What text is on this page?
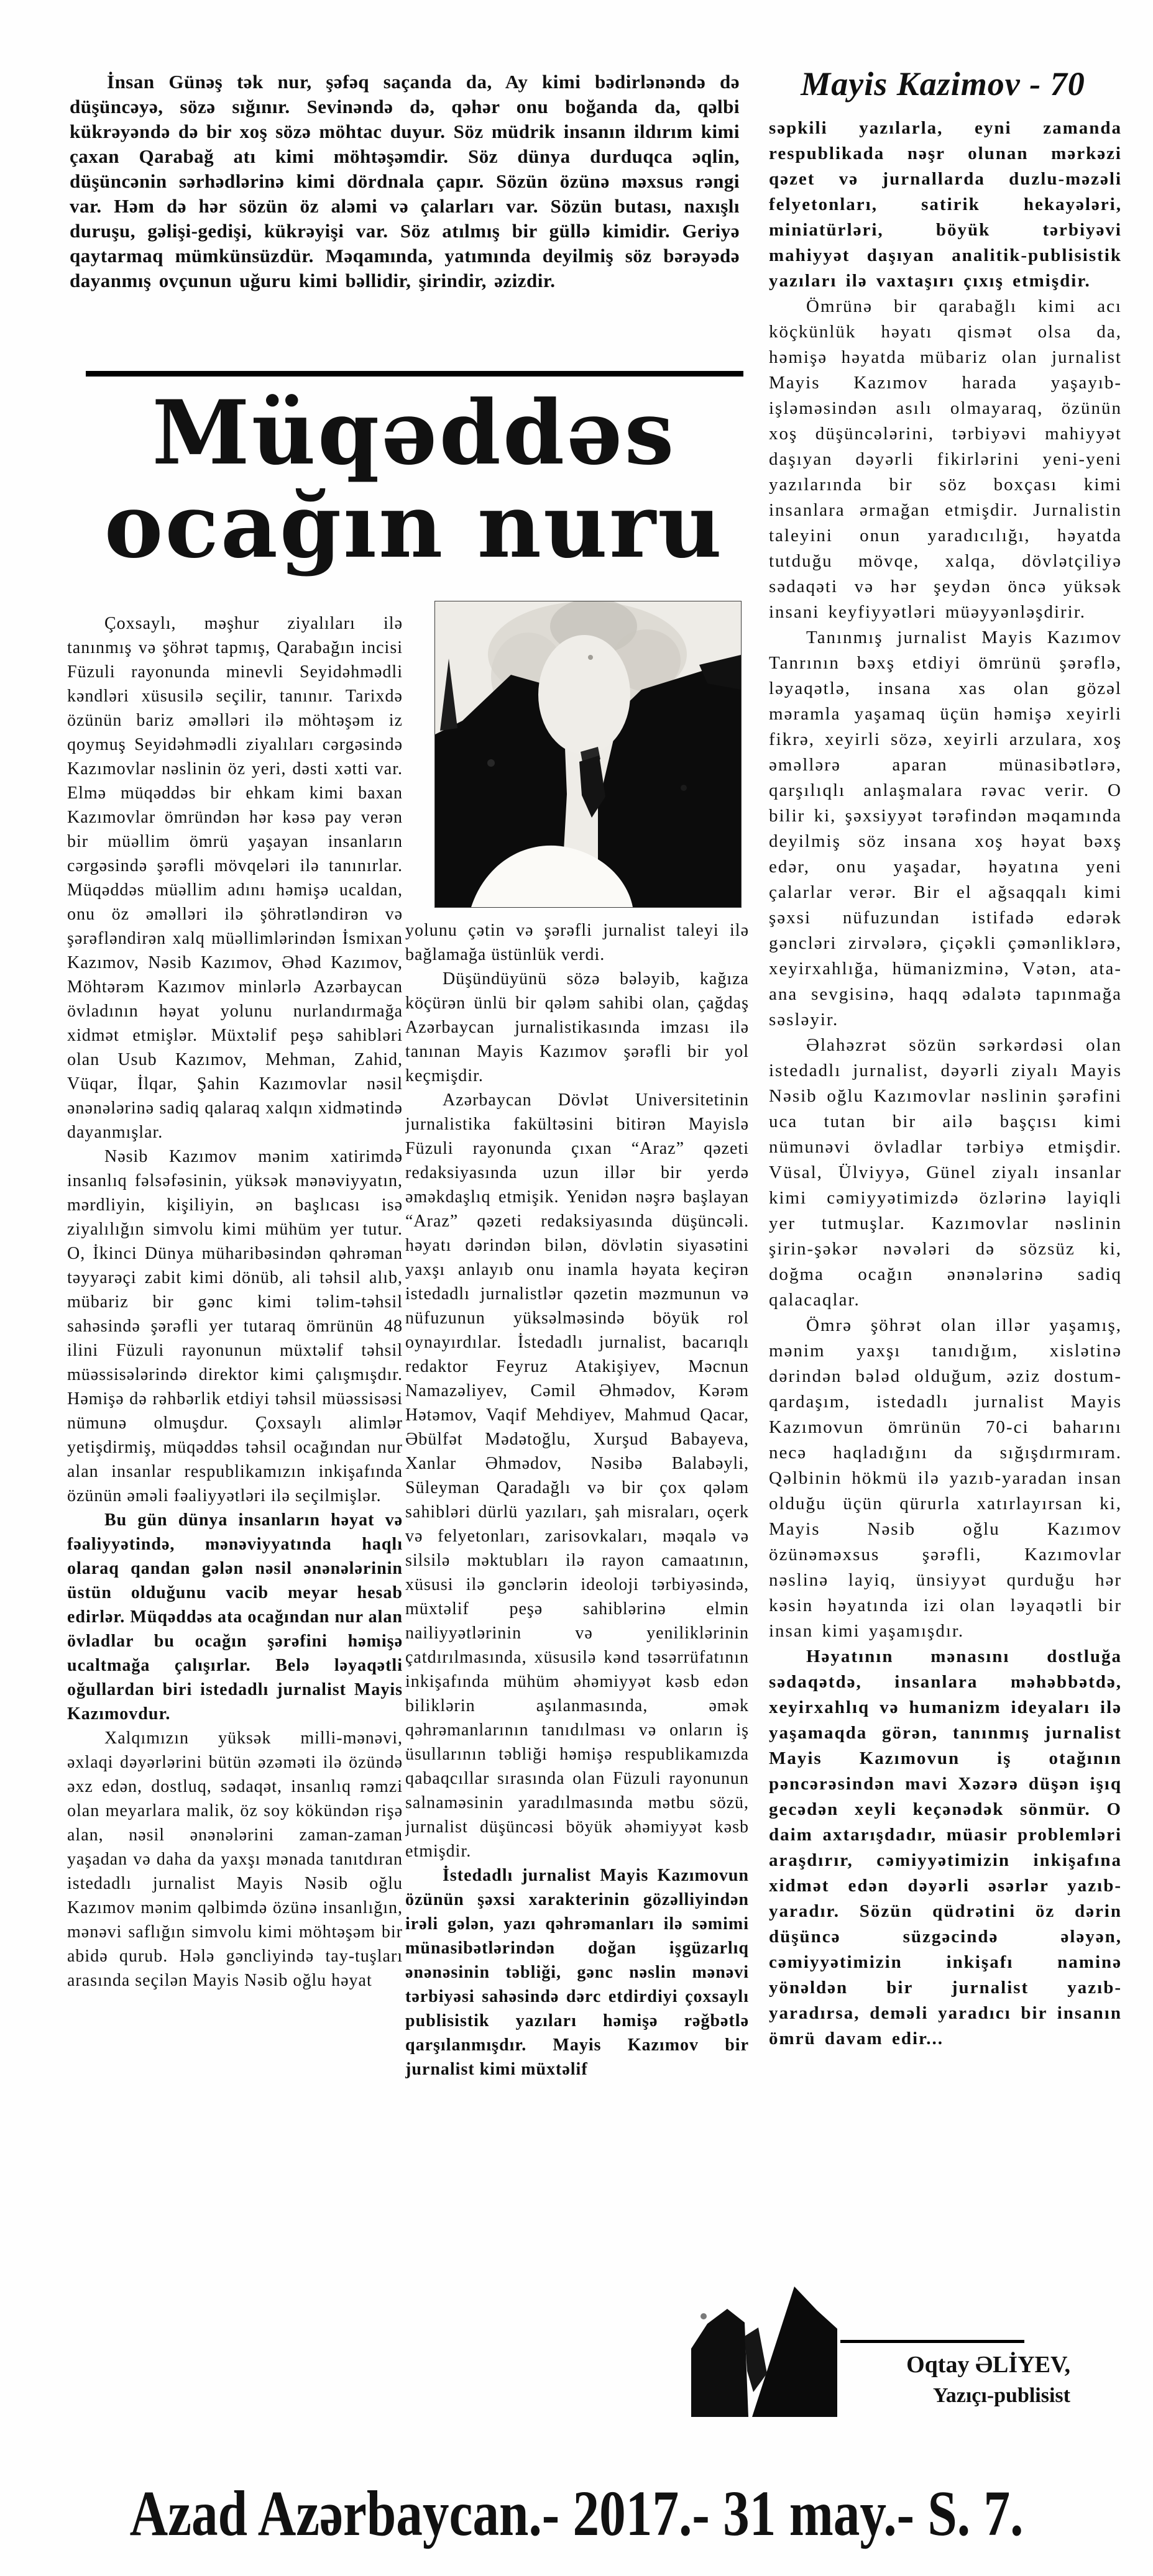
İnsan Günəş tək nur, şəfəq saçanda da, Ay kimi bədirlənəndə də düşüncəyə, sözə sığınır. Sevinəndə də, qəhər onu boğanda da, qəlbi kükrəyəndə də bir xoş sözə möhtac duyur. Söz müdrik insanın ildırım kimi çaxan Qarabağ atı kimi möhtəşəmdir. Söz dünya durduqca əqlin, düşüncənin sərhədlərinə kimi dördnala çapır. Sözün özünə məxsus rəngi var. Həm də hər sözün öz aləmi və çalarları var. Sözün butası, naxışlı duruşu, gəlişi-gedişi, kükrəyişi var. Söz atılmış bir güllə kimidir. Geriyə qaytarmaq mümkünsüzdür. Məqamında, yatımında deyilmiş söz bərəyədə dayanmış ovçunun uğuru kimi bəllidir, şirindir, əzizdir.
Mayis Kazimov - 70
Müqəddəs
ocağın nuru

Çoxsaylı, məşhur ziyalıları ilə tanınmış və şöhrət tapmış, Qarabağın incisi Füzuli rayonunda minevli Seyidəhmədli kəndləri xüsusilə seçilir, tanınır. Tarixdə özünün bariz əməlləri ilə möhtəşəm iz qoymuş Seyidəhmədli ziyalıları cərgəsində Kazımovlar nəslinin öz yeri, dəsti xətti var. Elmə müqəddəs bir ehkam kimi baxan Kazımovlar ömründən hər kəsə pay verən bir müəllim ömrü yaşayan insanların cərgəsində şərəfli mövqeləri ilə tanınırlar. Müqəddəs müəllim adını həmişə ucaldan, onu öz əməlləri ilə şöhrətləndirən və şərəfləndirən xalq müəllimlərindən İsmixan Kazımov, Nəsib Kazımov, Əhəd Kazımov, Möhtərəm Kazımov minlərlə Azərbaycan övladının həyat yolunu nurlandırmağa xidmət etmişlər. Müxtəlif peşə sahibləri olan Usub Kazımov, Mehman, Zahid, Vüqar, İlqar, Şahin Kazımovlar nəsil ənənələrinə sadiq qalaraq xalqın xidmətində dayanmışlar.

Nəsib Kazımov mənim xatirimdə insanlıq fəlsəfəsinin, yüksək mənəviyyatın, mərdliyin, kişiliyin, ən başlıcası isə ziyalılığın simvolu kimi mühüm yer tutur. O, İkinci Dünya müharibəsindən qəhrəman təyyarəçi zabit kimi dönüb, ali təhsil alıb, mübariz bir gənc kimi təlim-təhsil sahəsində şərəfli yer tutaraq ömrünün 48 ilini Füzuli rayonunun müxtəlif təhsil müəssisələrində direktor kimi çalışmışdır. Həmişə də rəhbərlik etdiyi təhsil müəssisəsi nümunə olmuşdur. Çoxsaylı alimlər yetişdirmiş, müqəddəs təhsil ocağından nur alan insanlar respublikamızın inkişafında özünün əməli fəaliyyətləri ilə seçilmişlər.

Bu gün dünya insanların həyat və fəaliyyətində, mənəviyyatında haqlı olaraq qandan gələn nəsil ənənələrinin üstün olduğunu vacib meyar hesab edirlər. Müqəddəs ata ocağından nur alan övladlar bu ocağın şərəfini həmişə ucaltmağa çalışırlar. Belə ləyaqətli oğullardan biri istedadlı jurnalist Mayis Kazımovdur.

Xalqımızın yüksək milli-mənəvi, əxlaqi dəyərlərini bütün əzəməti ilə özündə əxz edən, dostluq, sədaqət, insanlıq rəmzi olan meyarlara malik, öz soy kökündən rişə alan, nəsil ənənələrini zaman-zaman yaşadan və daha da yaxşı mənada tanıtdıran istedadlı jurnalist Mayis Nəsib oğlu Kazımov mənim qəlbimdə özünə insanlığın, mənəvi saflığın simvolu kimi möhtəşəm bir abidə qurub. Hələ gəncliyində tay-tuşları arasında seçilən Mayis Nəsib oğlu həyat

yolunu çətin və şərəfli jurnalist taleyi ilə bağlamağa üstünlük verdi.

Düşündüyünü sözə bələyib, kağıza köçürən ünlü bir qələm sahibi olan, çağdaş Azərbaycan jurnalistikasında imzası ilə tanınan Mayis Kazımov şərəfli bir yol keçmişdir.

Azərbaycan Dövlət Universitetinin jurnalistika fakültəsini bitirən Mayislə Füzuli rayonunda çıxan “Araz” qəzeti redaksiyasında uzun illər bir yerdə əməkdaşlıq etmişik. Yenidən nəşrə başlayan “Araz” qəzeti redaksiyasında düşüncəli. həyatı dərindən bilən, dövlətin siyasətini yaxşı anlayıb onu inamla həyata keçirən istedadlı jurnalistlər qəzetin məzmunun və nüfuzunun yüksəlməsində böyük rol oynayırdılar. İstedadlı jurnalist, bacarıqlı redaktor Feyruz Atakişiyev, Məcnun Namazəliyev, Cəmil Əhmədov, Kərəm Hətəmov, Vaqif Mehdiyev, Mahmud Qacar, Əbülfət Mədətoğlu, Xurşud Babayeva, Xanlar Əhmədov, Nəsibə Balabəyli, Süleyman Qaradağlı və bir çox qələm sahibləri dürlü yazıları, şah misraları, oçerk və felyetonları, zarisovkaları, məqalə və silsilə məktubları ilə rayon camaatının, xüsusi ilə gənclərin ideoloji tərbiyəsində, müxtəlif peşə sahiblərinə elmin nailiyyətlərinin və yeniliklərinin çatdırılmasında, xüsusilə kənd təsərrüfatının inkişafında mühüm əhəmiyyət kəsb edən biliklərin aşılanmasında, əmək qəhrəmanlarının tanıdılması və onların iş üsullarının təbliği həmişə respublikamızda qabaqcıllar sırasında olan Füzuli rayonunun salnaməsinin yaradılmasında mətbu sözü, jurnalist düşüncəsi böyük əhəmiyyət kəsb etmişdir.

İstedadlı jurnalist Mayis Kazımovun özünün şəxsi xarakterinin gözəlliyindən irəli gələn, yazı qəhrəmanları ilə səmimi münasibətlərindən doğan işgüzarlıq ənənəsinin təbliği, gənc nəslin mənəvi tərbiyəsi sahəsində dərc etdirdiyi çoxsaylı publisistik yazıları həmişə rəğbətlə qarşılanmışdır. Mayis Kazımov bir jurnalist kimi müxtəlif

səpkili yazılarla, eyni zamanda respublikada nəşr olunan mərkəzi qəzet və jurnallarda duzlu-məzəli felyetonları, satirik hekayələri, miniatürləri, böyük tərbiyəvi mahiyyət daşıyan analitik-publisistik yazıları ilə vaxtaşırı çıxış etmişdir.

Ömrünə bir qarabağlı kimi acı köçkünlük həyatı qismət olsa da, həmişə həyatda mübariz olan jurnalist Mayis Kazımov harada yaşayıb-işləməsindən asılı olmayaraq, özünün xoş düşüncələrini, tərbiyəvi mahiyyət daşıyan dəyərli fikirlərini yeni-yeni yazılarında bir söz boxçası kimi insanlara ərmağan etmişdir. Jurnalistin taleyini onun yaradıcılığı, həyatda tutduğu mövqe, xalqa, dövlətçiliyə sədaqəti və hər şeydən öncə yüksək insani keyfiyyətləri müəyyənləşdirir.

Tanınmış jurnalist Mayis Kazımov Tanrının bəxş etdiyi ömrünü şərəflə, ləyaqətlə, insana xas olan gözəl məramla yaşamaq üçün həmişə xeyirli fikrə, xeyirli sözə, xeyirli arzulara, xoş əməllərə aparan münasibətlərə, qarşılıqlı anlaşmalara rəvac verir. O bilir ki, şəxsiyyət tərəfindən məqamında deyilmiş söz insana xoş həyat bəxş edər, onu yaşadar, həyatına yeni çalarlar verər. Bir el ağsaqqalı kimi şəxsi nüfuzundan istifadə edərək gəncləri zirvələrə, çiçəkli çəmənliklərə, xeyirxahlığa, hümanizminə, Vətən, ata-ana sevgisinə, haqq ədalətə tapınmağa səsləyir.

Əlahəzrət sözün sərkərdəsi olan istedadlı jurnalist, dəyərli ziyalı Mayis Nəsib oğlu Kazımovlar nəslinin şərəfini uca tutan bir ailə başçısı kimi nümunəvi övladlar tərbiyə etmişdir. Vüsal, Ülviyyə, Günel ziyalı insanlar kimi cəmiyyətimizdə özlərinə layiqli yer tutmuşlar. Kazımovlar nəslinin şirin-şəkər nəvələri də sözsüz ki, doğma ocağın ənənələrinə sadiq qalacaqlar.

Ömrə şöhrət olan illər yaşamış, mənim yaxşı tanıdığım, xislətinə dərindən bələd olduğum, əziz dostum-qardaşım, istedadlı jurnalist Mayis Kazımovun ömrünün 70-ci baharını necə haqladığını da sığışdırmıram. Qəlbinin hökmü ilə yazıb-yaradan insan olduğu üçün qürurla xatırlayırsan ki, Mayis Nəsib oğlu Kazımov özünəməxsus şərəfli, Kazımovlar nəslinə layiq, ünsiyyət qurduğu hər kəsin həyatında izi olan ləyaqətli bir insan kimi yaşamışdır.

Həyatının mənasını dostluğa sədaqətdə, insanlara məhəbbətdə, xeyirxahlıq və humanizm ideyaları ilə yaşamaqda görən, tanınmış jurnalist Mayis Kazımovun iş otağının pəncərəsindən mavi Xəzərə düşən işıq gecədən xeyli keçənədək sönmür. O daim axtarışdadır, müasir problemləri araşdırır, cəmiyyətimizin inkişafına xidmət edən dəyərli əsərlər yazıb-yaradır. Sözün qüdrətini öz dərin düşüncə süzgəcində ələyən, cəmiyyətimizin inkişafı naminə yönəldən bir jurnalist yazıb-yaradırsa, deməli yaradıcı bir insanın ömrü davam edir...

Oqtay ƏLİYEV,
Yazıçı-publisist
Azad Azərbaycan.- 2017.- 31 may.- S. 7.
